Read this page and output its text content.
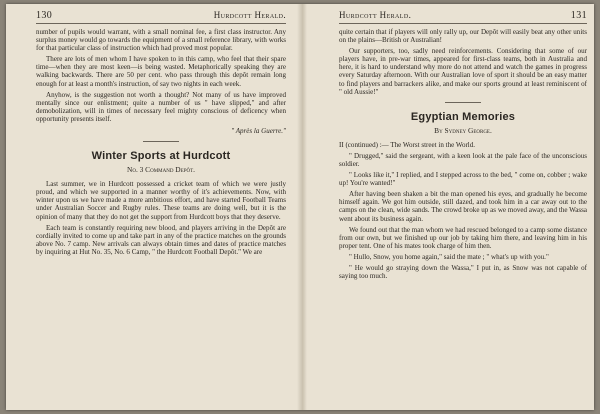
130	Hurdcott Herald.

number of pupils would warrant, with a small nominal fee, a first class instructor. Any surplus money would go towards the equipment of a small reference library, with works for that particular class of instruction which had proved most popular.

There are lots of men whom I have spoken to in this camp, who feel that their spare time—when they are most keen—is being wasted. Metaphorically speaking they are walking backwards. There are 50 per cent. who pass through this depôt remain long enough for at least a month's instruction, of say two nights in each week.

Anyhow, is the suggestion not worth a thought? Not many of us have improved mentally since our enlistment; quite a number of us " have slipped," and after demobolization, will in times of necessary feel mighty conscious of deficency when opportunity presents itself.

" Après la Guerre."

Winter Sports at Hurdcott
No. 3 Command Depôt.

Last summer, we in Hurdcott possessed a cricket team of which we were justly proud, and which we supported in a manner worthy of it's achievements. Now, with winter upon us we have made a more ambitious effort, and have started Football Teams under Australian Soccer and Rugby rules. These teams are doing well, but it is the opinion of many that they do not get the support from Hurdcott boys that they deserve.

Each team is constantly requiring new blood, and players arriving in the Depôt are cordially invited to come up and take part in any of the practice matches on the grounds above No. 7 camp. New arrivals can always obtain times and dates of practice matches by inquiring at Hut No. 35, No. 6 Camp, " the Hurdcott Football Depôt." We are

Hurdcott Herald.	131

quite certain that if players will only rally up, our Depôt will easily beat any other units on the plains—British or Australian!

Our supporters, too, sadly need reinforcements. Considering that some of our players have, in pre-war times, appeared for first-class teams, both in Australia and here, it is hard to understand why more do not attend and watch the games in progress every Saturday afternoon. With our Australian love of sport it should be an easy matter to find players and barrackers alike, and make our sports ground at least reminiscent of " old Aussie!"

Egyptian Memories
By Sydney George.

II (continued) :— The Worst street in the World.

" Drugged," said the sergeant, with a keen look at the pale face of the unconscious soldier.

" Looks like it," I replied, and I stepped across to the bed, " come on, cobber ; wake up! You're wanted!"

After having been shaken a bit the man opened his eyes, and gradually he become himself again. We got him outside, still dazed, and took him in a car away out to the camps on the clean, wide sands. The crowd broke up as we moved away, and the Wassa went about its business again.

We found out that the man whom we had rescued belonged to a camp some distance from our own, but we finished up our job by taking him there, and leaving him in his proper tent. One of his mates took charge of him then.

" Hullo, Snow, you home again," said the mate ; " what's up with you."

" He would go straying down the Wassa," I put in, as Snow was not capable of saying too much.
